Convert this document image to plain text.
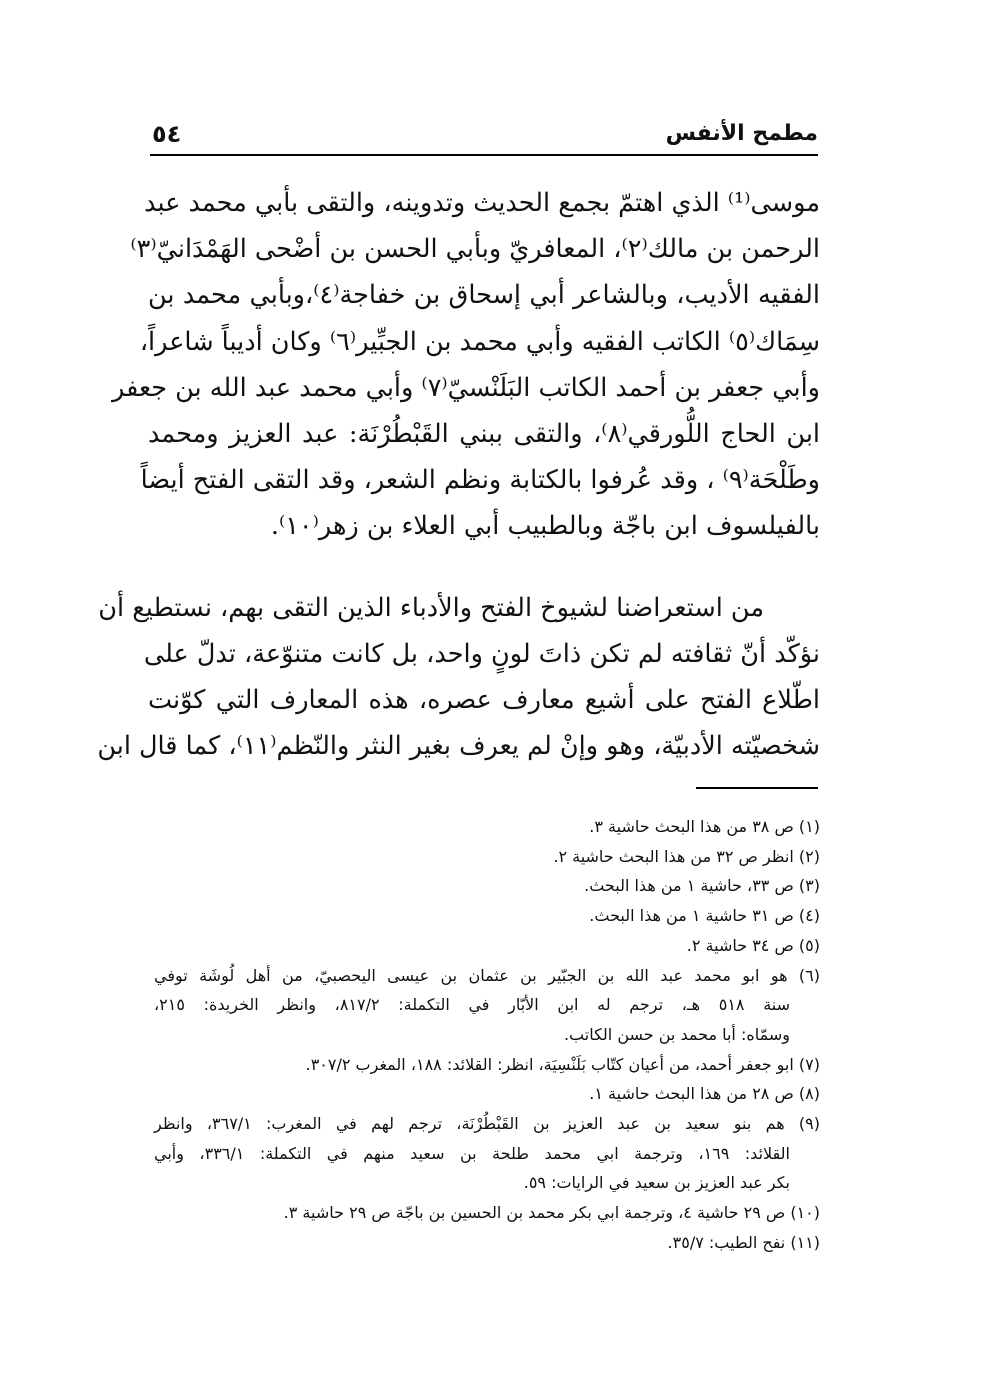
مطمح الأنفس
٥٤

موسى⁽¹⁾ الذي اهتمّ بجمع الحديث وتدوينه، والتقى بأبي محمد عبد
الرحمن بن مالك⁽٢⁾، المعافريّ وبأبي الحسن بن أضْحى الهَمْدَانيّ⁽٣⁾
الفقيه الأديب، وبالشاعر أبي إسحاق بن خفاجة⁽٤⁾،وبأبي محمد بن
سِمَاك⁽٥⁾ الكاتب الفقيه وأبي محمد بن الجبِّير⁽٦⁾ وكان أديباً شاعراً،
وأبي جعفر بن أحمد الكاتب البَلَنْسيّ⁽٧⁾ وأبي محمد عبد الله بن جعفر
ابن الحاج اللُّورقي⁽٨⁾، والتقى ببني القَبْطُرْنَة: عبد العزيز ومحمد
وطَلْحَة⁽٩⁾ ، وقد عُرفوا بالكتابة ونظم الشعر، وقد التقى الفتح أيضاً
بالفيلسوف ابن باجّة وبالطبيب أبي العلاء بن زهر⁽١٠⁾.

من استعراضنا لشيوخ الفتح والأدباء الذين التقى بهم، نستطيع أن
نؤكّد أنّ ثقافته لم تكن ذاتَ لونٍ واحد، بل كانت متنوّعة، تدلّ على
اطّلاع الفتح على أشيع معارف عصره، هذه المعارف التي كوّنت
شخصيّته الأدبيّة، وهو وإنْ لم يعرف بغير النثر والنّظم⁽١١⁾، كما قال ابن

(١) ص ٣٨ من هذا البحث حاشية ٣.
(٢) انظر ص ٣٢ من هذا البحث حاشية ٢.
(٣) ص ٣٣، حاشية ١ من هذا البحث.
(٤) ص ٣١ حاشية ١ من هذا البحث.
(٥) ص ٣٤ حاشية ٢.
(٦) هو ابو محمد عبد الله بن الجبّير بن عثمان بن عيسى اليحصبيّ، من أهل لُوشَة توفي
سنة ٥١٨ هـ، ترجم له ابن الأبّار في التكملة: ٨١٧/٢، وانظر الخريدة: ٢١٥،
وسمّاه: أبا محمد بن حسن الكاتب.
(٧) ابو جعفر أحمد، من أعيان كتّاب بَلَنْسِيَة، انظر: القلائد: ١٨٨، المغرب ٣٠٧/٢.
(٨) ص ٢٨ من هذا البحث حاشية ١.
(٩) هم بنو سعيد بن عبد العزيز بن القَبْطُرْنَة، ترجم لهم في المغرب: ٣٦٧/١، وانظر
القلائد: ١٦٩، وترجمة ابي محمد طلحة بن سعيد منهم في التكملة: ٣٣٦/١، وأبي
بكر عبد العزيز بن سعيد في الرايات: ٥٩.
(١٠) ص ٢٩ حاشية ٤، وترجمة ابي بكر محمد بن الحسين بن باجّة ص ٢٩ حاشية ٣.
(١١) نفح الطيب: ٣٥/٧.
